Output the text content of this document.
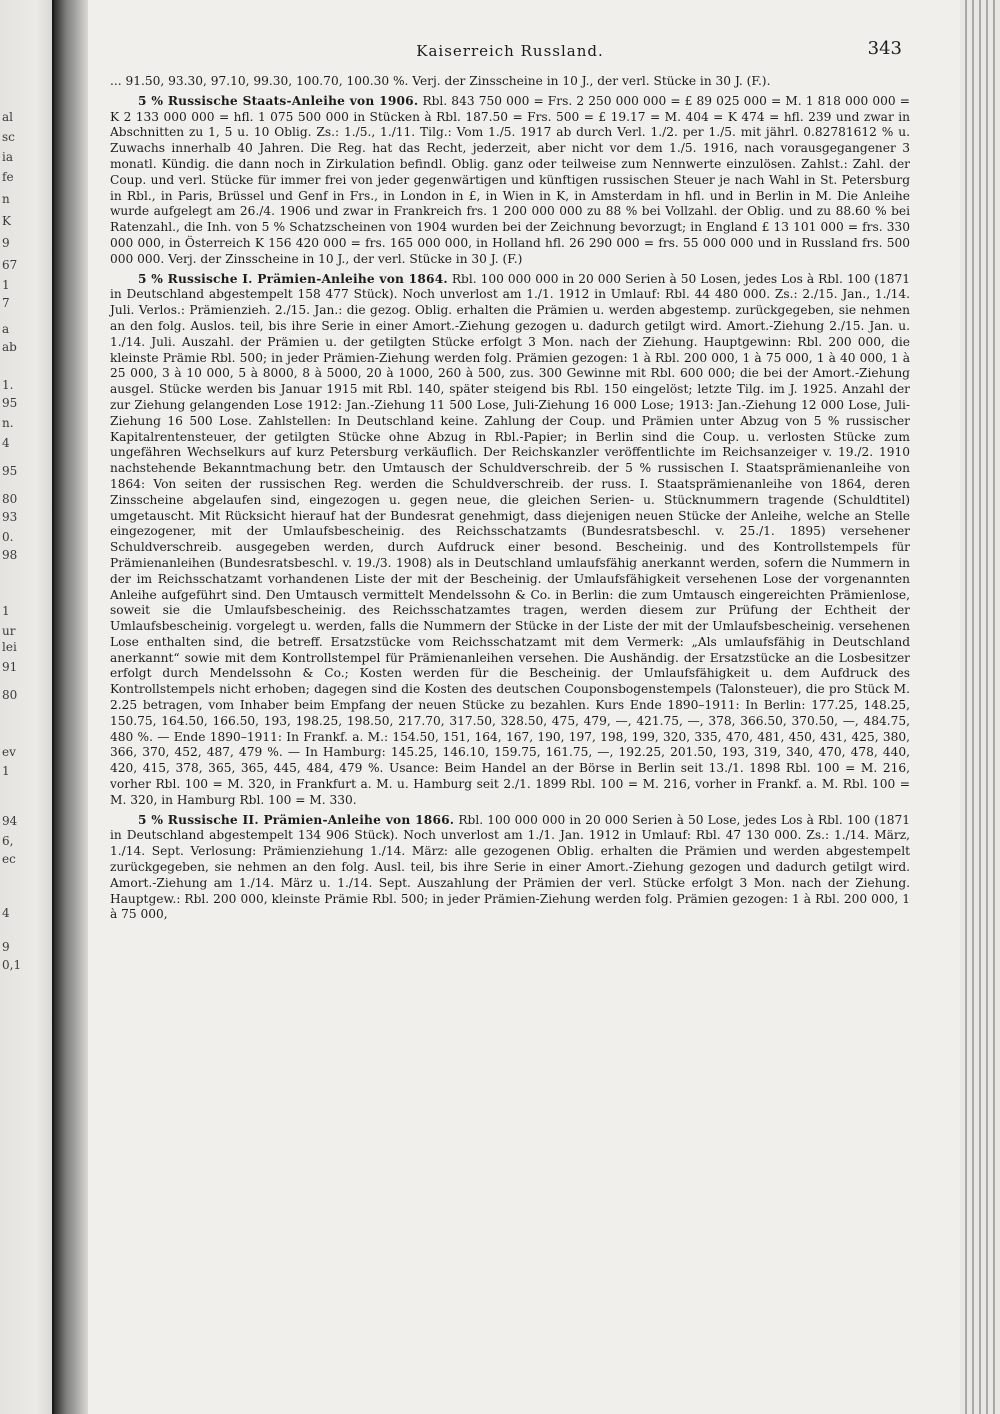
al
sc
ia
fe
n
K
9
67
1
7
a
ab
1.
95
n.
4
95
80
93
0.
98
1
ur
lei
91
80
ev
1
94
6,
ec
4
9
0,1
Kaiserreich Russland.	343

... 91.50, 93.30, 97.10, 99.30, 100.70, 100.30 %. Verj. der Zinsscheine in 10 J., der verl. Stücke in 30 J. (F.).

5 % Russische Staats-Anleihe von 1906. Rbl. 843 750 000 = Frs. 2 250 000 000 = £ 89 025 000 = M. 1 818 000 000 = K 2 133 000 000 = hfl. 1 075 500 000 in Stücken à Rbl. 187.50 = Frs. 500 = £ 19.17 = M. 404 = K 474 = hfl. 239 und zwar in Abschnitten zu 1, 5 u. 10 Oblig. Zs.: 1./5., 1./11. Tilg.: Vom 1./5. 1917 ab durch Verl. 1./2. per 1./5. mit jährl. 0.82781612 % u. Zuwachs innerhalb 40 Jahren. Die Reg. hat das Recht, jederzeit, aber nicht vor dem 1./5. 1916, nach vorausgegangener 3 monatl. Kündig. die dann noch in Zirkulation befindl. Oblig. ganz oder teilweise zum Nennwerte einzulösen. Zahlst.: Zahl. der Coup. und verl. Stücke für immer frei von jeder gegenwärtigen und künftigen russischen Steuer je nach Wahl in St. Petersburg in Rbl., in Paris, Brüssel und Genf in Frs., in London in £, in Wien in K, in Amsterdam in hfl. und in Berlin in M. Die Anleihe wurde aufgelegt am 26./4. 1906 und zwar in Frankreich frs. 1 200 000 000 zu 88 % bei Vollzahl. der Oblig. und zu 88.60 % bei Ratenzahl., die Inh. von 5 % Schatzscheinen von 1904 wurden bei der Zeichnung bevorzugt; in England £ 13 101 000 = frs. 330 000 000, in Österreich K 156 420 000 = frs. 165 000 000, in Holland hfl. 26 290 000 = frs. 55 000 000 und in Russland frs. 500 000 000. Verj. der Zinsscheine in 10 J., der verl. Stücke in 30 J. (F.)

5 % Russische I. Prämien-Anleihe von 1864. Rbl. 100 000 000 in 20 000 Serien à 50 Losen, jedes Los à Rbl. 100 (1871 in Deutschland abgestempelt 158 477 Stück). Noch unverlost am 1./1. 1912 in Umlauf: Rbl. 44 480 000. Zs.: 2./15. Jan., 1./14. Juli. Verlos.: Prämienzieh. 2./15. Jan.: die gezog. Oblig. erhalten die Prämien u. werden abgestemp. zurückgegeben, sie nehmen an den folg. Auslos. teil, bis ihre Serie in einer Amort.-Ziehung gezogen u. dadurch getilgt wird. Amort.-Ziehung 2./15. Jan. u. 1./14. Juli. Auszahl. der Prämien u. der getilgten Stücke erfolgt 3 Mon. nach der Ziehung. Hauptgewinn: Rbl. 200 000, die kleinste Prämie Rbl. 500; in jeder Prämien-Ziehung werden folg. Prämien gezogen: 1 à Rbl. 200 000, 1 à 75 000, 1 à 40 000, 1 à 25 000, 3 à 10 000, 5 à 8000, 8 à 5000, 20 à 1000, 260 à 500, zus. 300 Gewinne mit Rbl. 600 000; die bei der Amort.-Ziehung ausgel. Stücke werden bis Januar 1915 mit Rbl. 140, später steigend bis Rbl. 150 eingelöst; letzte Tilg. im J. 1925. Anzahl der zur Ziehung gelangenden Lose 1912: Jan.-Ziehung 11 500 Lose, Juli-Ziehung 16 000 Lose; 1913: Jan.-Ziehung 12 000 Lose, Juli-Ziehung 16 500 Lose. Zahlstellen: In Deutschland keine. Zahlung der Coup. und Prämien unter Abzug von 5 % russischer Kapitalrentensteuer, der getilgten Stücke ohne Abzug in Rbl.-Papier; in Berlin sind die Coup. u. verlosten Stücke zum ungefähren Wechselkurs auf kurz Petersburg verkäuflich. Der Reichskanzler veröffentlichte im Reichsanzeiger v. 19./2. 1910 nachstehende Bekanntmachung betr. den Umtausch der Schuldverschreib. der 5 % russischen I. Staatsprämienanleihe von 1864: Von seiten der russischen Reg. werden die Schuldverschreib. der russ. I. Staatsprämienanleihe von 1864, deren Zinsscheine abgelaufen sind, eingezogen u. gegen neue, die gleichen Serien- u. Stücknummern tragende (Schuldtitel) umgetauscht. Mit Rücksicht hierauf hat der Bundesrat genehmigt, dass diejenigen neuen Stücke der Anleihe, welche an Stelle eingezogener, mit der Umlaufsbescheinig. des Reichsschatzamts (Bundesratsbeschl. v. 25./1. 1895) versehener Schuldverschreib. ausgegeben werden, durch Aufdruck einer besond. Bescheinig. und des Kontrollstempels für Prämienanleihen (Bundesratsbeschl. v. 19./3. 1908) als in Deutschland umlaufsfähig anerkannt werden, sofern die Nummern in der im Reichsschatzamt vorhandenen Liste der mit der Bescheinig. der Umlaufsfähigkeit versehenen Lose der vorgenannten Anleihe aufgeführt sind. Den Umtausch vermittelt Mendelssohn & Co. in Berlin: die zum Umtausch eingereichten Prämienlose, soweit sie die Umlaufsbescheinig. des Reichsschatzamtes tragen, werden diesem zur Prüfung der Echtheit der Umlaufsbescheinig. vorgelegt u. werden, falls die Nummern der Stücke in der Liste der mit der Umlaufsbescheinig. versehenen Lose enthalten sind, die betreff. Ersatzstücke vom Reichsschatzamt mit dem Vermerk: „Als umlaufsfähig in Deutschland anerkannt“ sowie mit dem Kontrollstempel für Prämienanleihen versehen. Die Aushändig. der Ersatzstücke an die Losbesitzer erfolgt durch Mendelssohn & Co.; Kosten werden für die Bescheinig. der Umlaufsfähigkeit u. dem Aufdruck des Kontrollstempels nicht erhoben; dagegen sind die Kosten des deutschen Couponsbogenstempels (Talonsteuer), die pro Stück M. 2.25 betragen, vom Inhaber beim Empfang der neuen Stücke zu bezahlen. Kurs Ende 1890–1911: In Berlin: 177.25, 148.25, 150.75, 164.50, 166.50, 193, 198.25, 198.50, 217.70, 317.50, 328.50, 475, 479, —, 421.75, —, 378, 366.50, 370.50, —, 484.75, 480 %. — Ende 1890–1911: In Frankf. a. M.: 154.50, 151, 164, 167, 190, 197, 198, 199, 320, 335, 470, 481, 450, 431, 425, 380, 366, 370, 452, 487, 479 %. — In Hamburg: 145.25, 146.10, 159.75, 161.75, —, 192.25, 201.50, 193, 319, 340, 470, 478, 440, 420, 415, 378, 365, 365, 445, 484, 479 %. Usance: Beim Handel an der Börse in Berlin seit 13./1. 1898 Rbl. 100 = M. 216, vorher Rbl. 100 = M. 320, in Frankfurt a. M. u. Hamburg seit 2./1. 1899 Rbl. 100 = M. 216, vorher in Frankf. a. M. Rbl. 100 = M. 320, in Hamburg Rbl. 100 = M. 330.

5 % Russische II. Prämien-Anleihe von 1866. Rbl. 100 000 000 in 20 000 Serien à 50 Lose, jedes Los à Rbl. 100 (1871 in Deutschland abgestempelt 134 906 Stück). Noch unverlost am 1./1. Jan. 1912 in Umlauf: Rbl. 47 130 000. Zs.: 1./14. März, 1./14. Sept. Verlosung: Prämienziehung 1./14. März: alle gezogenen Oblig. erhalten die Prämien und werden abgestempelt zurückgegeben, sie nehmen an den folg. Ausl. teil, bis ihre Serie in einer Amort.-Ziehung gezogen und dadurch getilgt wird. Amort.-Ziehung am 1./14. März u. 1./14. Sept. Auszahlung der Prämien der verl. Stücke erfolgt 3 Mon. nach der Ziehung. Hauptgew.: Rbl. 200 000, kleinste Prämie Rbl. 500; in jeder Prämien-Ziehung werden folg. Prämien gezogen: 1 à Rbl. 200 000, 1 à 75 000,
